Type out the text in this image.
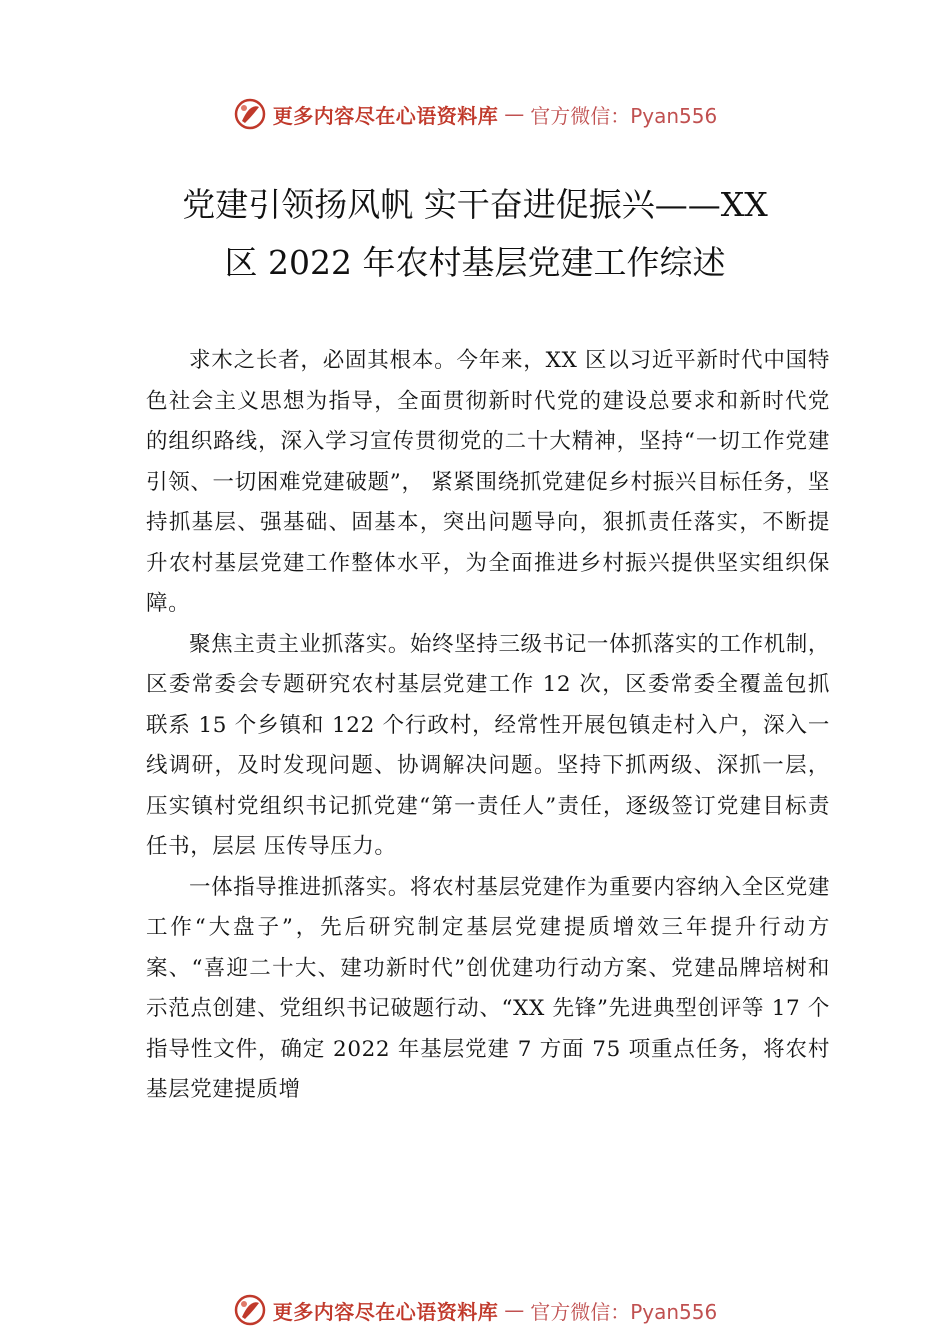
更多内容尽在心语资料库 — 官方微信：Pyan556
党建引领扬风帆 实干奋进促振兴——XX
区 2022 年农村基层党建工作综述

求木之长者，必固其根本。今年来，XX 区以习近平新时代中国特色社会主义思想为指导，全面贯彻新时代党的建设总要求和新时代党的组织路线，深入学习宣传贯彻党的二十大精神，坚持“一切工作党建引领、一切困难党建破题”， 紧紧围绕抓党建促乡村振兴目标任务，坚持抓基层、强基础、固基本，突出问题导向，狠抓责任落实，不断提升农村基层党建工作整体水平，为全面推进乡村振兴提供坚实组织保障。

聚焦主责主业抓落实。始终坚持三级书记一体抓落实的工作机制，区委常委会专题研究农村基层党建工作 12 次，区委常委全覆盖包抓联系 15 个乡镇和 122 个行政村，经常性开展包镇走村入户，深入一线调研，及时发现问题、协调解决问题。坚持下抓两级、深抓一层，压实镇村党组织书记抓党建“第一责任人”责任，逐级签订党建目标责任书，层层 压传导压力。

一体指导推进抓落实。将农村基层党建作为重要内容纳入全区党建工作“大盘子”，先后研究制定基层党建提质增效三年提升行动方案、“喜迎二十大、建功新时代”创优建功行动方案、党建品牌培树和示范点创建、党组织书记破题行动、“XX 先锋”先进典型创评等 17 个指导性文件，确定 2022 年基层党建 7 方面 75 项重点任务，将农村基层党建提质增

更多内容尽在心语资料库 — 官方微信：Pyan556
